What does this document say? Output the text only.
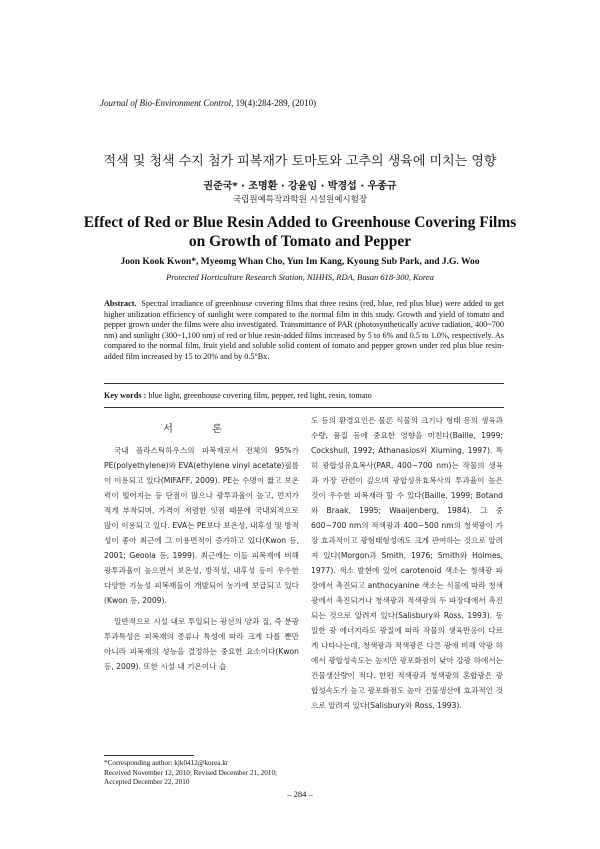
Journal of Bio-Environment Control, 19(4):284-289, (2010)
적색 및 청색 수지 첨가 피복재가 토마토와 고추의 생육에 미치는 영향
권준국* · 조명환 · 강윤임 · 박경섭 · 우종규
국립원예특작과학원 시설원예시험장
Effect of Red or Blue Resin Added to Greenhouse Covering Films
on Growth of Tomato and Pepper
Joon Kook Kwon*, Myeomg Whan Cho, Yun Im Kang, Kyoung Sub Park, and J.G. Woo
Protected Horticulture Research Station, NIHHS, RDA, Busan 618-300, Korea
Abstract. Spectral irradiance of greenhouse covering films that three resins (red, blue, red plus blue) were added to get higher utilization efficiency of sunlight were compared to the normal film in this study. Growth and yield of tomato and pepper grown under the films were also investigated. Transmittance of PAR (photosynthetically active radiation, 400~700 nm) and sunlight (300~1,100 nm) of red or blue resin-added films increased by 5 to 6% and 0.5 to 1.0%, respectively. As compared to the normal film, fruit yield and soluble solid content of tomato and pepper grown under red plus blue resin-added film increased by 15 to 20% and by 0.5°Bx.
Key words : blue light, greenhouse covering film, pepper, red light, resin, tomato
서 론

국내 플라스틱하우스의 피복재로서 전체의 95%가 PE(polyethylene)와 EVA(ethylene vinyl acetate)필름이 이용되고 있다(MIFAFF, 2009). PE는 수명이 짧고 보온력이 떨어지는 등 단점이 많으나 광투과율이 높고, 먼지가 적게 부착되며, 가격이 저렴한 잇점 때문에 국내외적으로 많이 이용되고 있다. EVA는 PE보다 보온성, 내후성 및 방적성이 좋아 최근에 그 이용면적이 증가하고 있다(Kwon 등, 2001; Geoola 등, 1999). 최근에는 이들 피복재에 비해 광투과율이 높으면서 보온성, 방적성, 내후성 등이 우수한 다양한 기능성 피복재들이 개발되어 농가에 보급되고 있다(Kwon 등, 2009).

일반적으로 시설 내로 투입되는 광선의 양과 질, 즉 분광투과특성은 피복재의 종류나 특성에 따라 크게 다를 뿐만 아니라 피복재의 성능을 결정하는 중요한 요소이다(Kwon 등, 2009). 또한 시설 내 기온이나 습

도 등의 환경요인은 물론 식물의 크기나 형태 등의 생육과 수량, 품질 등에 중요한 영향을 미친다(Baille, 1999; Cockshull, 1992; Athanasios와 Xiuming, 1997). 특히 광합성유효복사(PAR, 400~700 nm)는 작물의 생육과 가장 관련이 깊으며 광합성유효복사의 투과율이 높은 것이 우수한 피복재라 할 수 있다(Baille, 1999; Botand와 Braak, 1995; Waaijenberg, 1984). 그 중 600~700 nm의 적색광과 400~500 nm의 청색광이 가장 효과적이고 광형태형성에도 크게 관여하는 것으로 알려져 있다(Morgon과 Smith, 1976; Smith와 Holmes, 1977). 색소 발현에 있어 carotenoid 색소는 청색광 파장에서 촉진되고 anthocyanine 색소는 식물에 따라 청색광에서 촉진되거나 청색광과 적색광의 두 파장대에서 촉진되는 것으로 알려져 있다(Salisbury와 Ross, 1993). 동일한 광 에너지라도 광질에 따라 작물의 생육반응이 다르게 나타나는데, 청색광과 적색광은 다른 광에 비해 약광 하에서 광합성속도는 높지만 광포화점이 낮아 강광 하에서는 건물생산량이 적다. 한편 적색광과 청색광의 혼합광은 광합성속도가 높고 광포화점도 높아 건물생산에 효과적인 것으로 알려져 있다(Salisbury와 Ross, 1993).

*Corresponding author: kjk0412@korea.kr
Received November 12, 2010; Revised December 21, 2010;
Accepted December 22, 2010
– 284 –
